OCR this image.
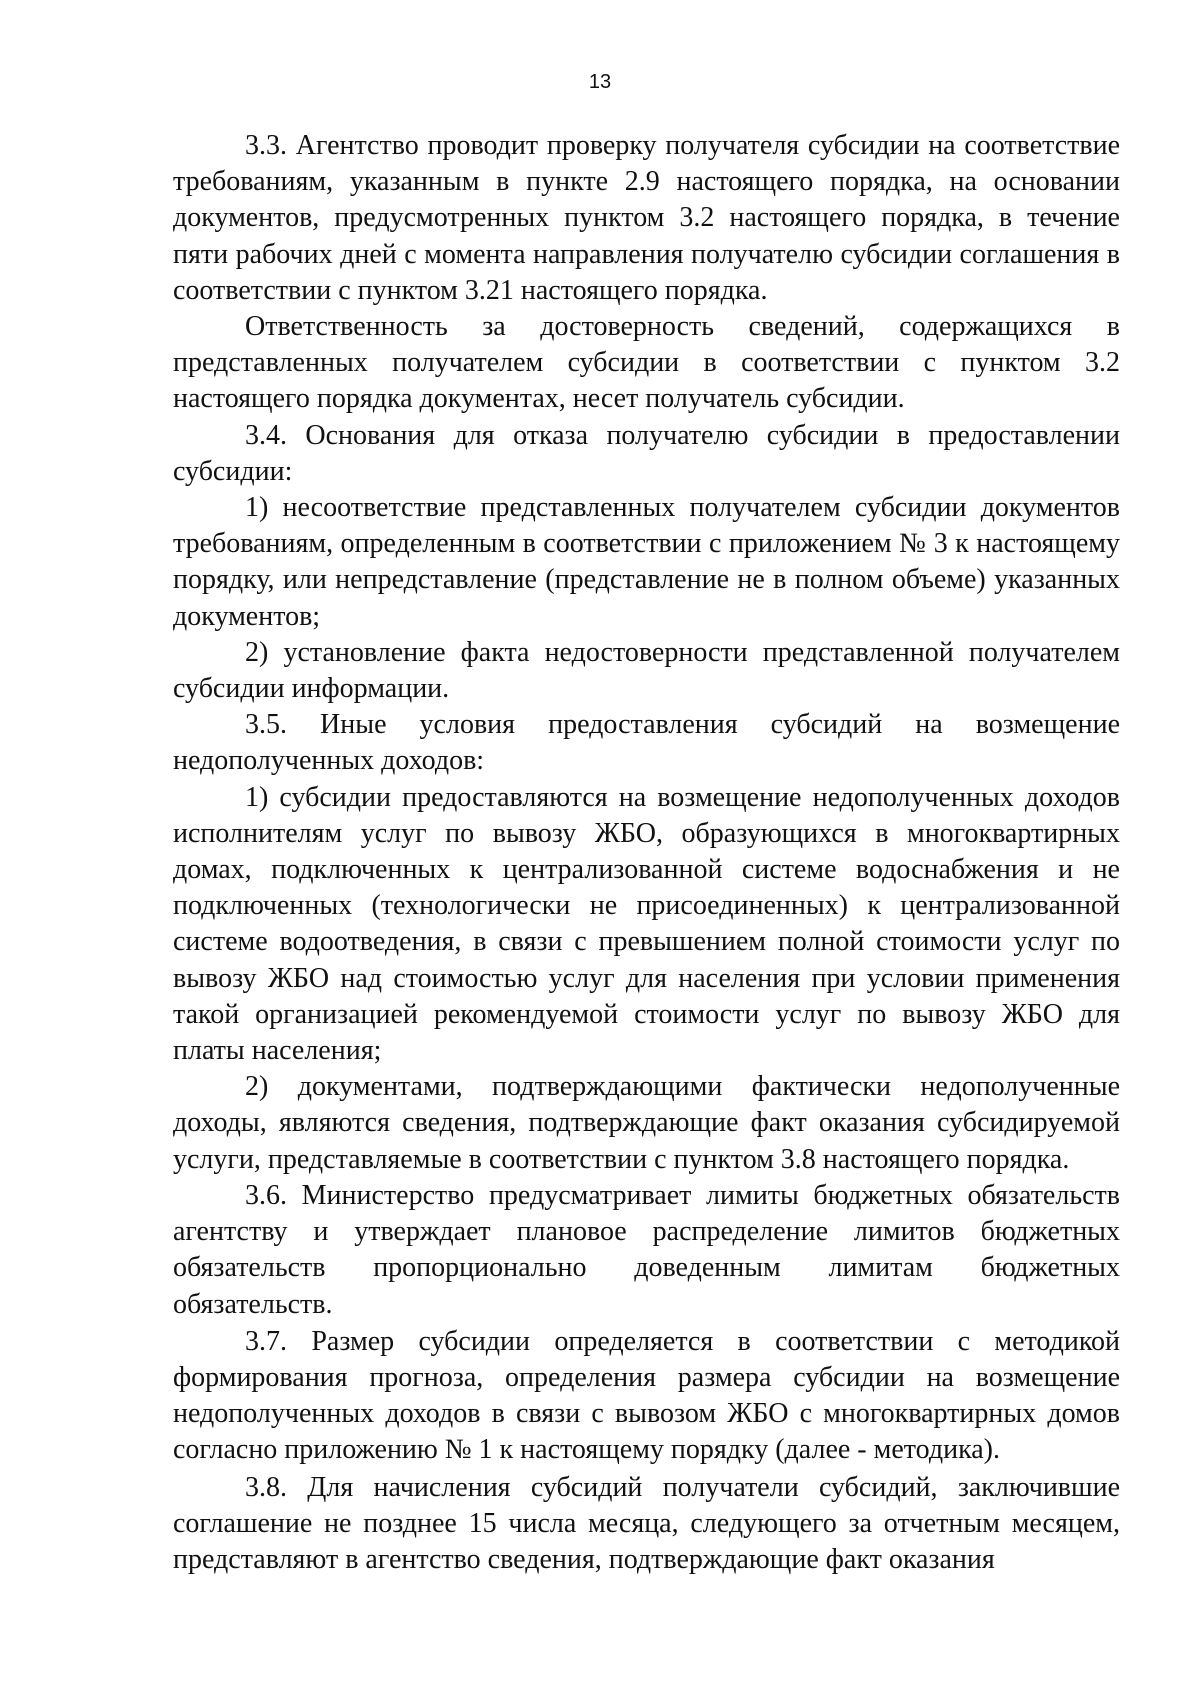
13

3.3. Агентство проводит проверку получателя субсидии на соответствие требованиям, указанным в пункте 2.9 настоящего порядка, на основании документов, предусмотренных пунктом 3.2 настоящего порядка, в течение пяти рабочих дней с момента направления получателю субсидии соглашения в соответствии с пунктом 3.21 настоящего порядка.

Ответственность за достоверность сведений, содержащихся в представленных получателем субсидии в соответствии с пунктом 3.2 настоящего порядка документах, несет получатель субсидии.

3.4. Основания для отказа получателю субсидии в предоставлении субсидии:

1) несоответствие представленных получателем субсидии документов требованиям, определенным в соответствии с приложением № 3 к настоящему порядку, или непредставление (представление не в полном объеме) указанных документов;

2) установление факта недостоверности представленной получателем субсидии информации.

3.5. Иные условия предоставления субсидий на возмещение недополученных доходов:

1) субсидии предоставляются на возмещение недополученных доходов исполнителям услуг по вывозу ЖБО, образующихся в многоквартирных домах, подключенных к централизованной системе водоснабжения и не подключенных (технологически не присоединенных) к централизованной системе водоотведения, в связи с превышением полной стоимости услуг по вывозу ЖБО над стоимостью услуг для населения при условии применения такой организацией рекомендуемой стоимости услуг по вывозу ЖБО для платы населения;

2) документами, подтверждающими фактически недополученные доходы, являются сведения, подтверждающие факт оказания субсидируемой услуги, представляемые в соответствии с пунктом 3.8 настоящего порядка.

3.6. Министерство предусматривает лимиты бюджетных обязательств агентству и утверждает плановое распределение лимитов бюджетных обязательств пропорционально доведенным лимитам бюджетных обязательств.

3.7. Размер субсидии определяется в соответствии с методикой формирования прогноза, определения размера субсидии на возмещение недополученных доходов в связи с вывозом ЖБО с многоквартирных домов согласно приложению № 1 к настоящему порядку (далее - методика).

3.8. Для начисления субсидий получатели субсидий, заключившие соглашение не позднее 15 числа месяца, следующего за отчетным месяцем, представляют в агентство сведения, подтверждающие факт оказания
